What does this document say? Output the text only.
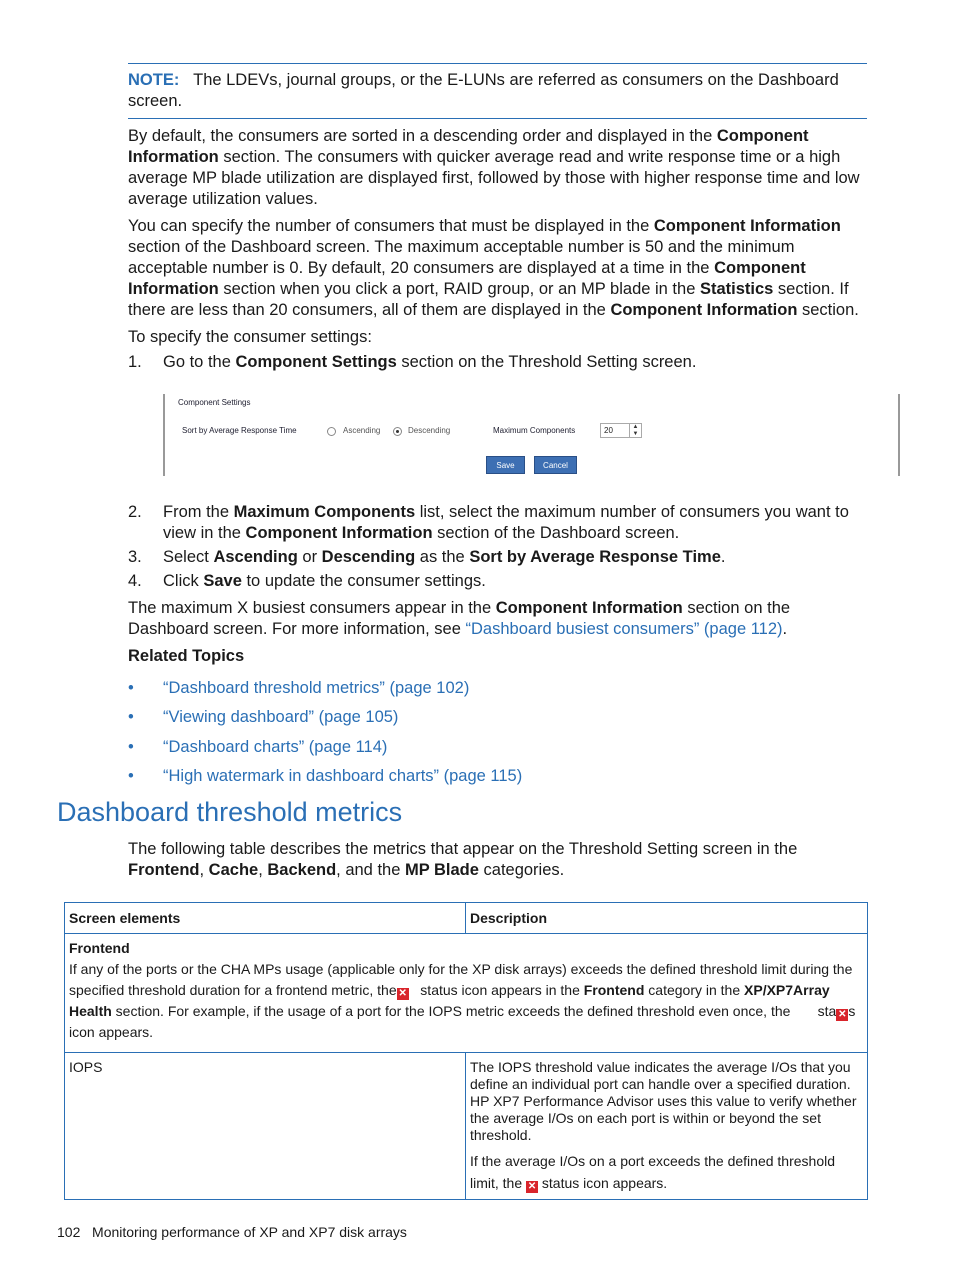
NOTE: The LDEVs, journal groups, or the E-LUNs are referred as consumers on the Dashboard screen.
By default, the consumers are sorted in a descending order and displayed in the Component Information section. The consumers with quicker average read and write response time or a high average MP blade utilization are displayed first, followed by those with higher response time and low average utilization values.
You can specify the number of consumers that must be displayed in the Component Information section of the Dashboard screen. The maximum acceptable number is 50 and the minimum acceptable number is 0. By default, 20 consumers are displayed at a time in the Component Information section when you click a port, RAID group, or an MP blade in the Statistics section. If there are less than 20 consumers, all of them are displayed in the Component Information section.
To specify the consumer settings:
1. Go to the Component Settings section on the Threshold Setting screen.
Component Settings
Sort by Average Response Time	Ascending	Descending	Maximum Components	20	▲
▼
Save	Cancel
2. From the Maximum Components list, select the maximum number of consumers you want to view in the Component Information section of the Dashboard screen.
3. Select Ascending or Descending as the Sort by Average Response Time.
4. Click Save to update the consumer settings.
The maximum X busiest consumers appear in the Component Information section on the Dashboard screen. For more information, see “Dashboard busiest consumers” (page 112).
Related Topics
• “Dashboard threshold metrics” (page 102)
• “Viewing dashboard” (page 105)
• “Dashboard charts” (page 114)
• “High watermark in dashboard charts” (page 115)
Dashboard threshold metrics
The following table describes the metrics that appear on the Threshold Setting screen in the Frontend, Cache, Backend, and the MP Blade categories.
Screen elements	Description
Frontend
If any of the ports or the CHA MPs usage (applicable only for the XP disk arrays) exceeds the defined threshold limit during the specified threshold duration for a frontend metric, the ✕   status icon appears in the Frontend category in the XP/XP7Array Health section. For example, if the usage of a port for the IOPS metric exceeds the defined threshold even once, the       sta ✕ s icon appears.
IOPS	The IOPS threshold value indicates the average I/Os that you define an individual port can handle over a specified duration. HP XP7 Performance Advisor uses this value to verify whether the average I/Os on each port is within or beyond the set threshold.
If the average I/Os on a port exceeds the defined threshold limit, the ✕ status icon appears.
102 Monitoring performance of XP and XP7 disk arrays
